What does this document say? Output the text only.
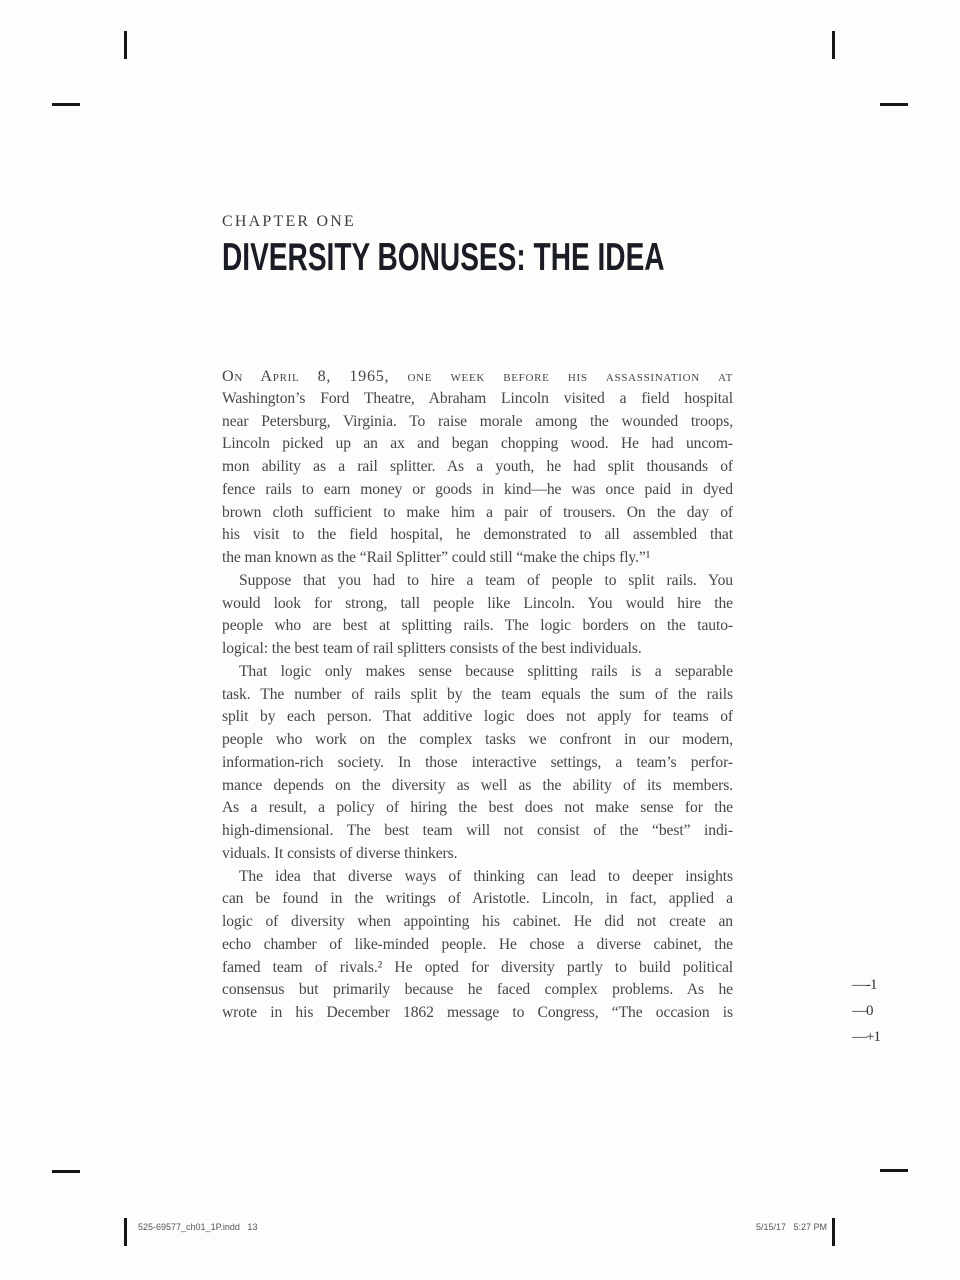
CHAPTER ONE
DIVERSITY BONUSES: THE IDEA
On April 8, 1965, one week before his assassination at
Washington’s Ford Theatre, Abraham Lincoln visited a field hospital
near Petersburg, Virginia. To raise morale among the wounded troops,
Lincoln picked up an ax and began chopping wood. He had uncom-
mon ability as a rail splitter. As a youth, he had split thousands of
fence rails to earn money or goods in kind—he was once paid in dyed
brown cloth sufficient to make him a pair of trousers. On the day of
his visit to the field hospital, he demonstrated to all assembled that
the man known as the “Rail Splitter” could still “make the chips fly.”¹
Suppose that you had to hire a team of people to split rails. You
would look for strong, tall people like Lincoln. You would hire the
people who are best at splitting rails. The logic borders on the tauto-
logical: the best team of rail splitters consists of the best individuals.
That logic only makes sense because splitting rails is a separable
task. The number of rails split by the team equals the sum of the rails
split by each person. That additive logic does not apply for teams of
people who work on the complex tasks we confront in our modern,
information-rich society. In those interactive settings, a team’s perfor-
mance depends on the diversity as well as the ability of its members.
As a result, a policy of hiring the best does not make sense for the
high-dimensional. The best team will not consist of the “best” indi-
viduals. It consists of diverse thinkers.
The idea that diverse ways of thinking can lead to deeper insights
can be found in the writings of Aristotle. Lincoln, in fact, applied a
logic of diversity when appointing his cabinet. He did not create an
echo chamber of like-minded people. He chose a diverse cabinet, the
famed team of rivals.² He opted for diversity partly to build political
consensus but primarily because he faced complex problems. As he
wrote in his December 1862 message to Congress, “The occasion is
—-1
—0
—+1
525-69577_ch01_1P.indd   13	5/15/17   5:27 PM
